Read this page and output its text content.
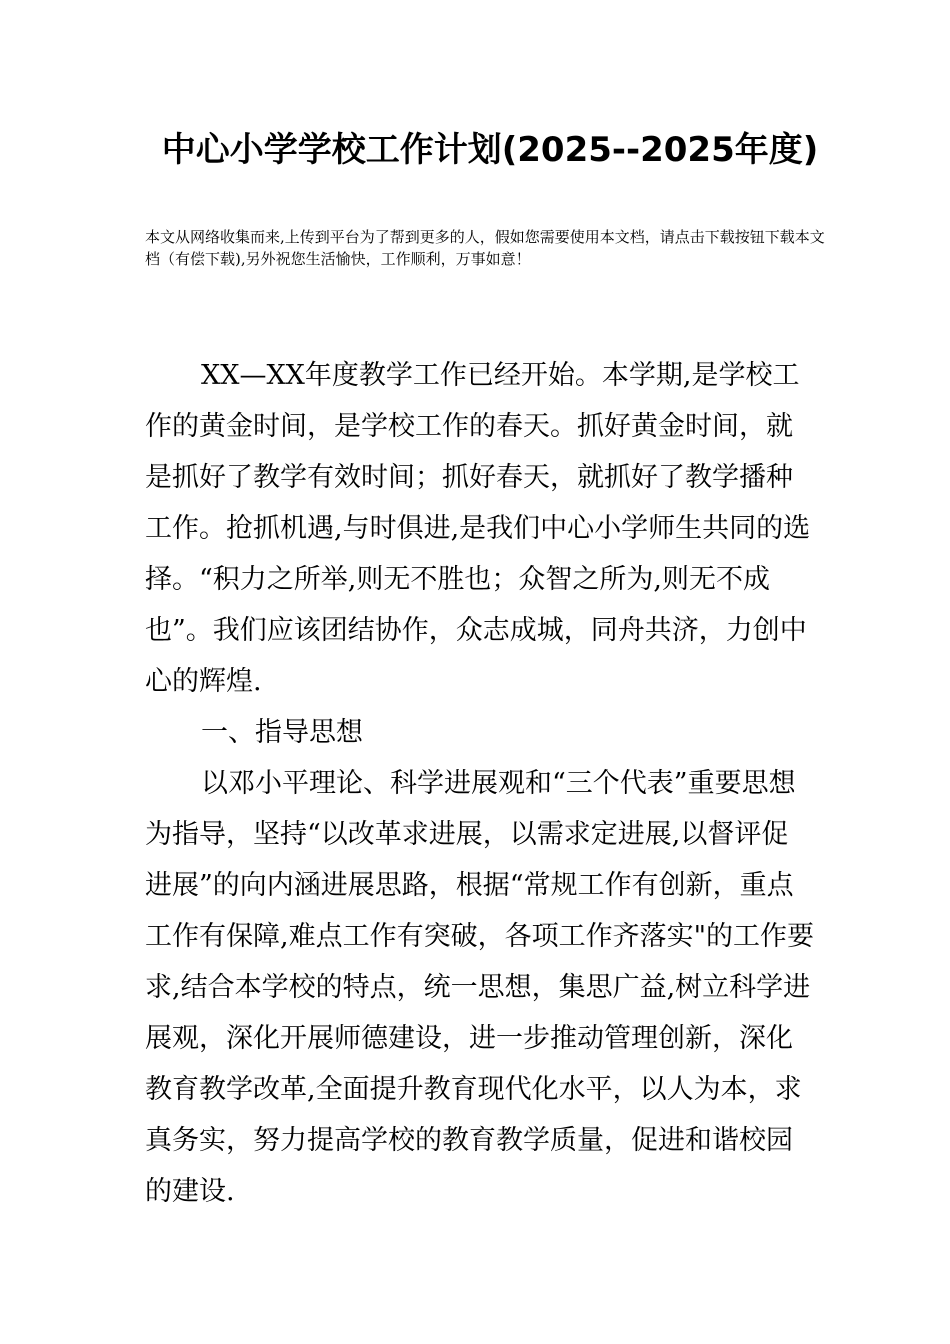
中心小学学校工作计划(2025--2025年度)
本文从网络收集而来,上传到平台为了帮到更多的人，假如您需要使用本文档，请点击下载按钮下载本文档（有偿下载),另外祝您生活愉快，工作顺利，万事如意！

XX—XX年度教学工作已经开始。本学期,是学校工作的黄金时间，是学校工作的春天。抓好黄金时间，就是抓好了教学有效时间；抓好春天，就抓好了教学播种工作。抢抓机遇,与时俱进,是我们中心小学师生共同的选择。“积力之所举,则无不胜也；众智之所为,则无不成也”。我们应该团结协作，众志成城，同舟共济，力创中心的辉煌.

一、指导思想

以邓小平理论、科学进展观和“三个代表”重要思想为指导，坚持“以改革求进展，以需求定进展,以督评促进展”的向内涵进展思路，根据“常规工作有创新，重点工作有保障,难点工作有突破，各项工作齐落实"的工作要求,结合本学校的特点，统一思想，集思广益,树立科学进展观，深化开展师德建设，进一步推动管理创新，深化教育教学改革,全面提升教育现代化水平，以人为本，求真务实，努力提高学校的教育教学质量，促进和谐校园的建设.
